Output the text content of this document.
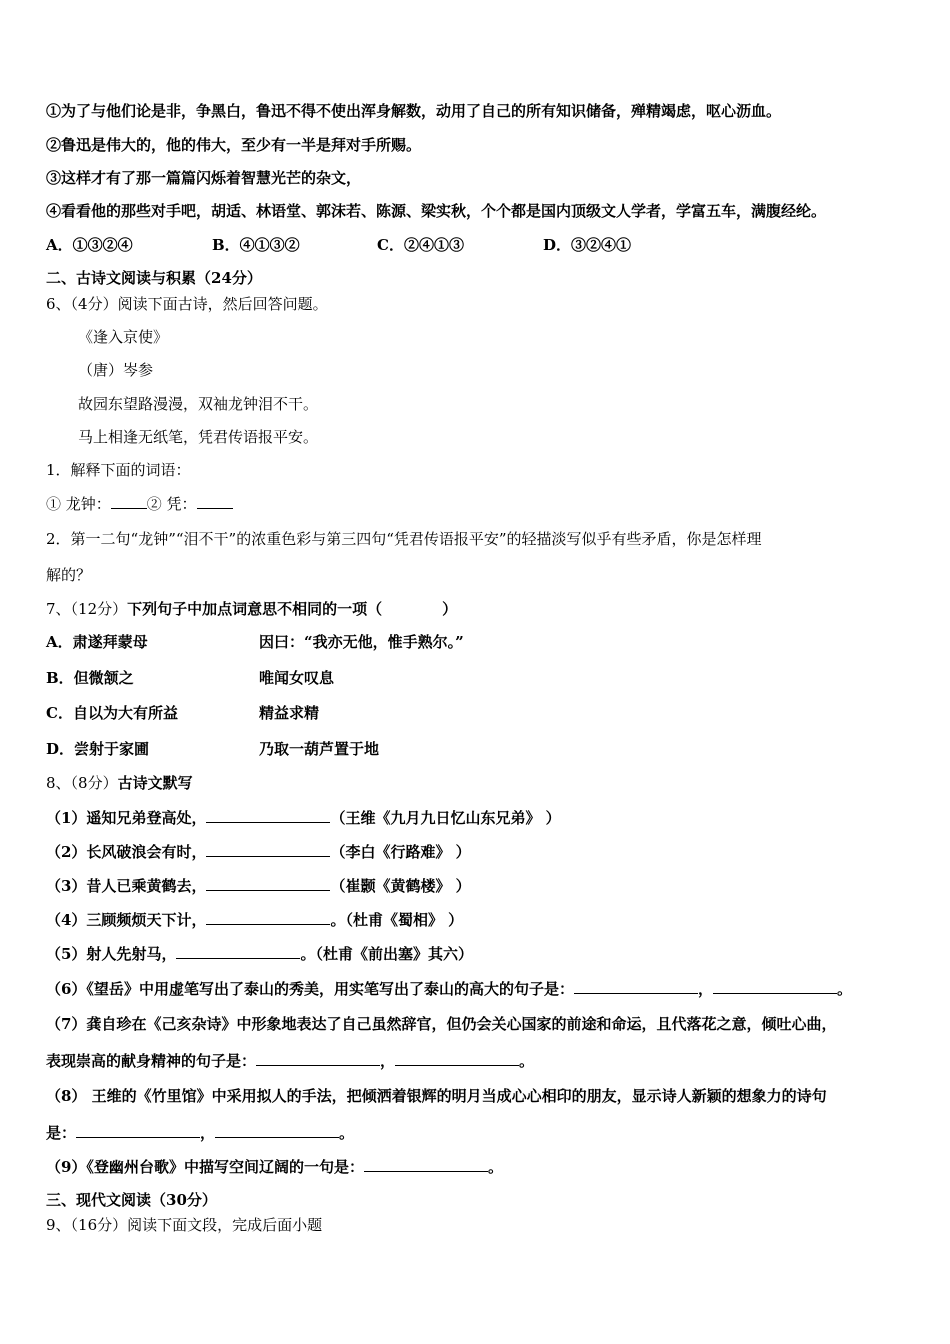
①为了与他们论是非，争黑白，鲁迅不得不使出浑身解数，动用了自己的所有知识储备，殚精竭虑，呕心沥血。
②鲁迅是伟大的，他的伟大，至少有一半是拜对手所赐。
③这样才有了那一篇篇闪烁着智慧光芒的杂文，
④看看他的那些对手吧，胡适、林语堂、郭沫若、陈源、梁实秋，个个都是国内顶级文人学者，学富五车，满腹经纶。
A．①③②④	B．④①③②	C．②④①③	D．③②④①
二、古诗文阅读与积累（24分）
6、（4分）阅读下面古诗，然后回答问题。
《逢入京使》
（唐）岑参
故园东望路漫漫，双袖龙钟泪不干。
马上相逢无纸笔，凭君传语报平安。
1．解释下面的词语：
① 龙钟： ② 凭：
2．第一二句“龙钟”“泪不干”的浓重色彩与第三四句“凭君传语报平安”的轻描淡写似乎有些矛盾，你是怎样理
解的？
7、（12分）下列句子中加点词意思不相同的一项（　　　　）
A．肃遂拜蒙母	因曰：“我亦无他，惟手熟尔。”
B．但微颔之	唯闻女叹息
C．自以为大有所益	精益求精
D．尝射于家圃	乃取一葫芦置于地
8、（8分）古诗文默写
（1）遥知兄弟登高处，	（王维《九月九日忆山东兄弟》 ）
（2）长风破浪会有时，	（李白《行路难》 ）
（3）昔人已乘黄鹤去，	（崔颢《黄鹤楼》 ）
（4）三顾频烦天下计，	。（杜甫《蜀相》 ）
（5）射人先射马，	。（杜甫《前出塞》其六）
（6）《望岳》中用虚笔写出了泰山的秀美，用实笔写出了泰山的高大的句子是：	，	。
（7）龚自珍在《己亥杂诗》中形象地表达了自己虽然辞官，但仍会关心国家的前途和命运，且代落花之意，倾吐心曲，
表现崇高的献身精神的句子是：	，	。
（8） 王维的《竹里馆》中采用拟人的手法，把倾洒着银辉的明月当成心心相印的朋友，显示诗人新颖的想象力的诗句
是：	，	。
（9）《登幽州台歌》中描写空间辽阔的一句是：	。
三、现代文阅读（30分）
9、（16分）阅读下面文段，完成后面小题
